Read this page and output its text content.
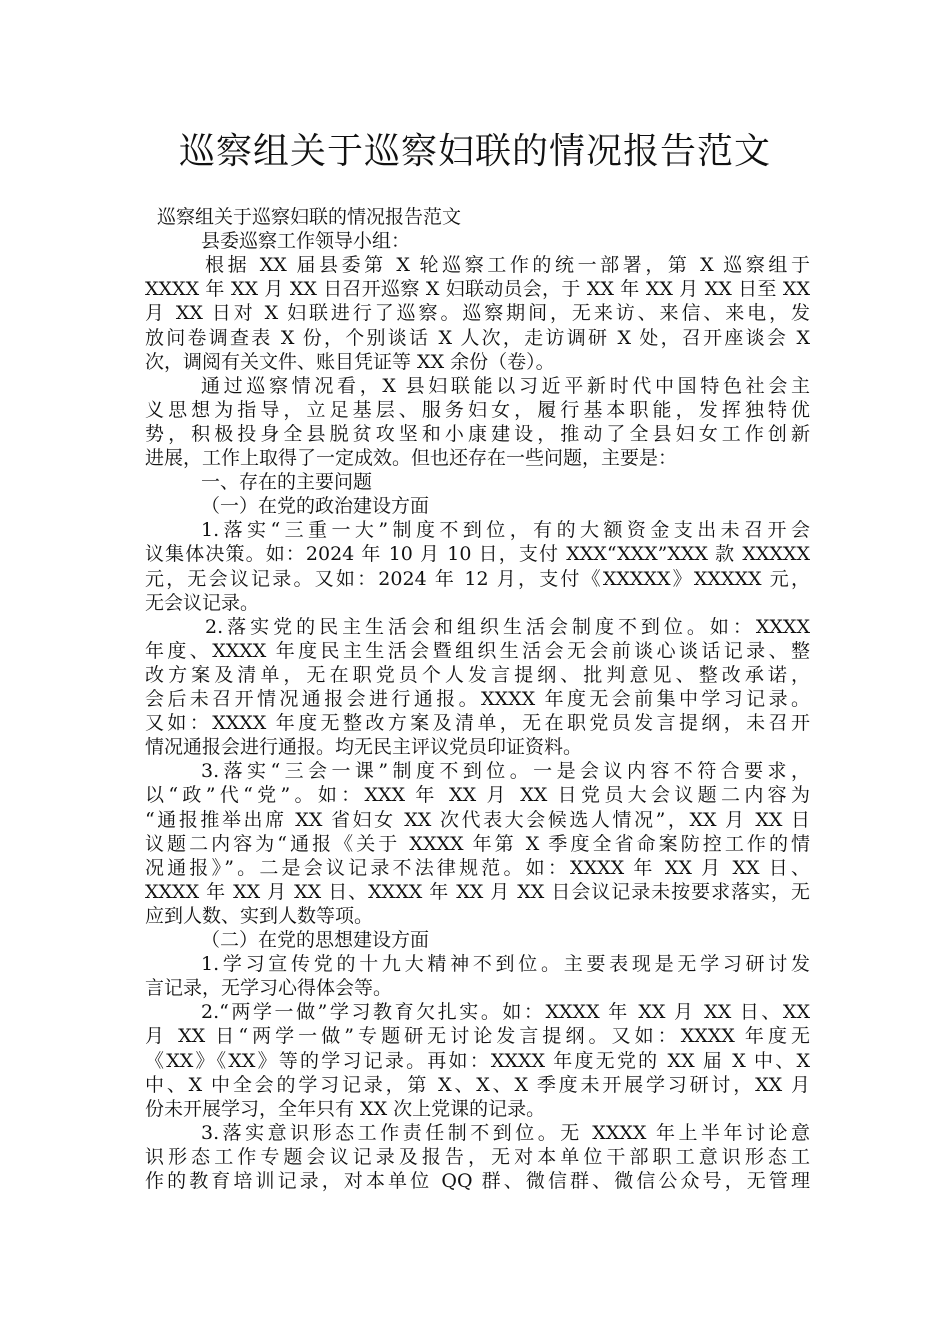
巡察组关于巡察妇联的情况报告范文
巡察组关于巡察妇联的情况报告范文
县委巡察工作领导小组：
根据 XX 届县委第 X 轮巡察工作的统一部署，第 X 巡察组于
XXXX 年 XX 月 XX 日召开巡察 X 妇联动员会，于 XX 年 XX 月 XX 日至 XX
月 XX 日对 X 妇联进行了巡察。巡察期间，无来访、来信、来电，发
放问卷调查表 X 份，个别谈话 X 人次，走访调研 X 处，召开座谈会 X
次，调阅有关文件、账目凭证等 XX 余份（卷）。
通过巡察情况看，X 县妇联能以习近平新时代中国特色社会主
义思想为指导，立足基层、服务妇女，履行基本职能，发挥独特优
势，积极投身全县脱贫攻坚和小康建设，推动了全县妇女工作创新
进展，工作上取得了一定成效。但也还存在一些问题，主要是：
一、存在的主要问题
（一）在党的政治建设方面
1.落实“三重一大”制度不到位，有的大额资金支出未召开会
议集体决策。如：2024 年 10 月 10 日，支付 XXX“XXX”XXX 款 XXXXX
元，无会议记录。又如：2024 年 12 月，支付《XXXXX》XXXXX 元，
无会议记录。
2.落实党的民主生活会和组织生活会制度不到位。如：XXXX
年度、XXXX 年度民主生活会暨组织生活会无会前谈心谈话记录、整
改方案及清单，无在职党员个人发言提纲、批判意见、整改承诺，
会后未召开情况通报会进行通报。XXXX 年度无会前集中学习记录。
又如：XXXX 年度无整改方案及清单，无在职党员发言提纲，未召开
情况通报会进行通报。均无民主评议党员印证资料。
3.落实“三会一课”制度不到位。一是会议内容不符合要求，
以“政”代“党”。如：XXX 年 XX 月 XX 日党员大会议题二内容为
“通报推举出席 XX 省妇女 XX 次代表大会候选人情况”，XX 月 XX 日
议题二内容为“通报《关于 XXXX 年第 X 季度全省命案防控工作的情
况通报》”。二是会议记录不法律规范。如：XXXX 年 XX 月 XX 日、
XXXX 年 XX 月 XX 日、XXXX 年 XX 月 XX 日会议记录未按要求落实，无
应到人数、实到人数等项。
（二）在党的思想建设方面
1.学习宣传党的十九大精神不到位。主要表现是无学习研讨发
言记录，无学习心得体会等。
2.“两学一做”学习教育欠扎实。如：XXXX 年 XX 月 XX 日、XX
月 XX 日“两学一做”专题研无讨论发言提纲。又如：XXXX 年度无
《XX》《XX》等的学习记录。再如：XXXX 年度无党的 XX 届 X 中、X
中、X 中全会的学习记录，第 X、X、X 季度未开展学习研讨，XX 月
份未开展学习，全年只有 XX 次上党课的记录。
3.落实意识形态工作责任制不到位。无 XXXX 年上半年讨论意
识形态工作专题会议记录及报告，无对本单位干部职工意识形态工
作的教育培训记录，对本单位 QQ 群、微信群、微信公众号，无管理
